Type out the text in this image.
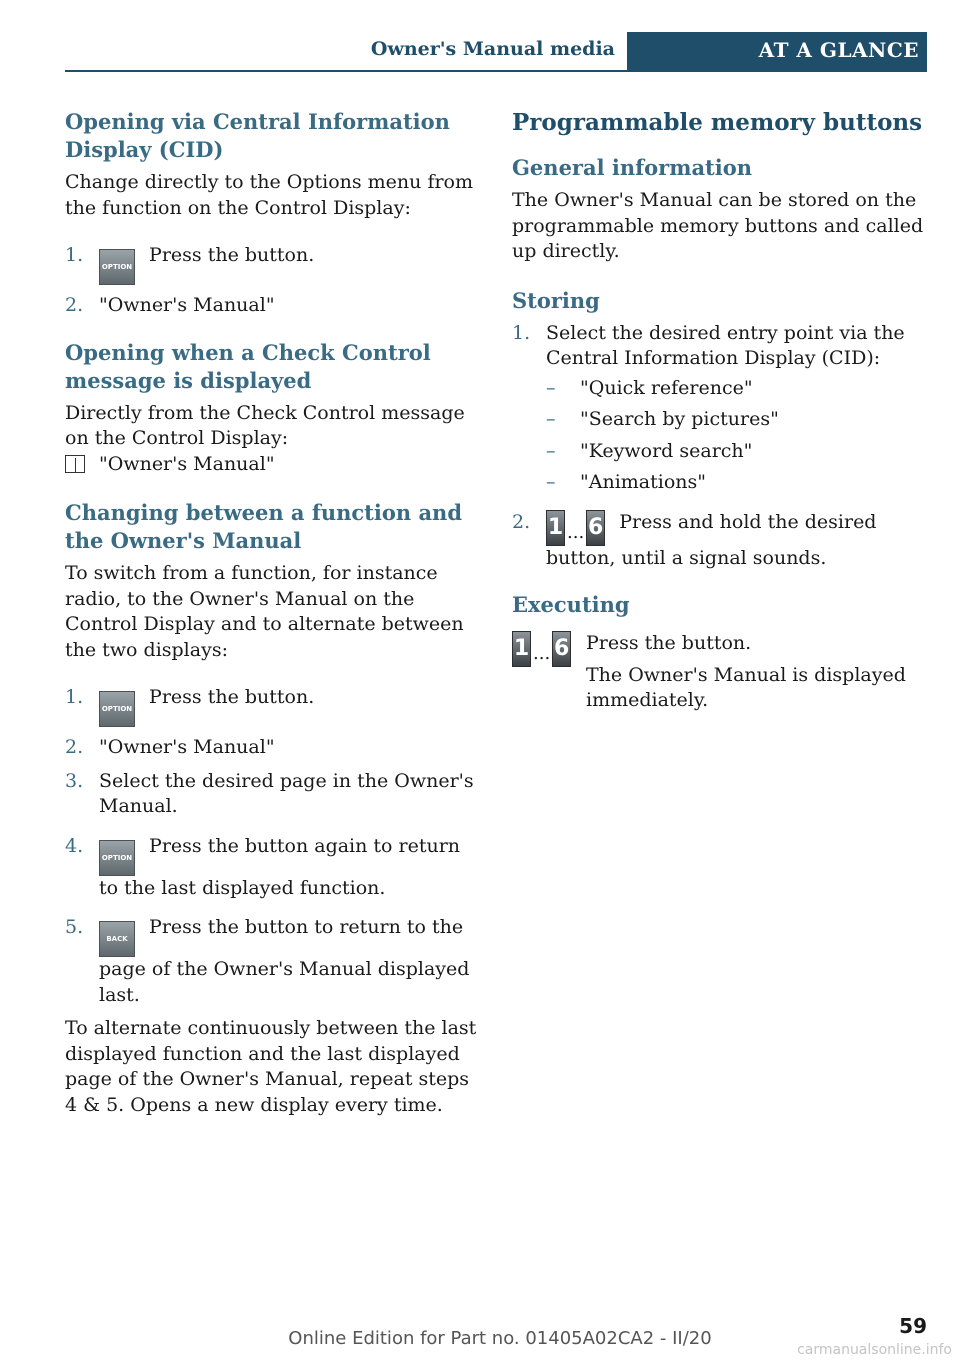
Owner's Manual media	AT A GLANCE
Opening via Central Information Display (CID)

Change directly to the Options menu from the function on the Control Display:

1.
OPTION Press the button.
2. "Owner's Manual"
Opening when a Check Control message is displayed

Directly from the Check Control message on the Control Display:

"Owner's Manual"

Changing between a function and the Owner's Manual

To switch from a function, for instance radio, to the Owner's Manual on the Control Display and to alternate between the two displays:

1.
OPTION Press the button.
2. "Owner's Manual"
3. Select the desired page in the Owner's Manual.
4.
OPTION Press the button again to return to the last displayed function.
5.
BACK Press the button to return to the page of the Owner's Manual displayed last.

To alternate continuously between the last displayed function and the last displayed page of the Owner's Manual, repeat steps 4 & 5. Opens a new display every time.

Programmable memory buttons
General information

The Owner's Manual can be stored on the programmable memory buttons and called up directly.

Storing
1. Select the desired entry point via the Central Information Display (CID):
– "Quick reference"
– "Search by pictures"
– "Keyword search"
– "Animations"
2. 1 ... 6 Press and hold the desired button, until a signal sounds.
Executing
1 ... 6 Press the button.

The Owner's Manual is displayed immediately.

Online Edition for Part no. 01405A02CA2 - II/20
59
carmanualsonline.info
